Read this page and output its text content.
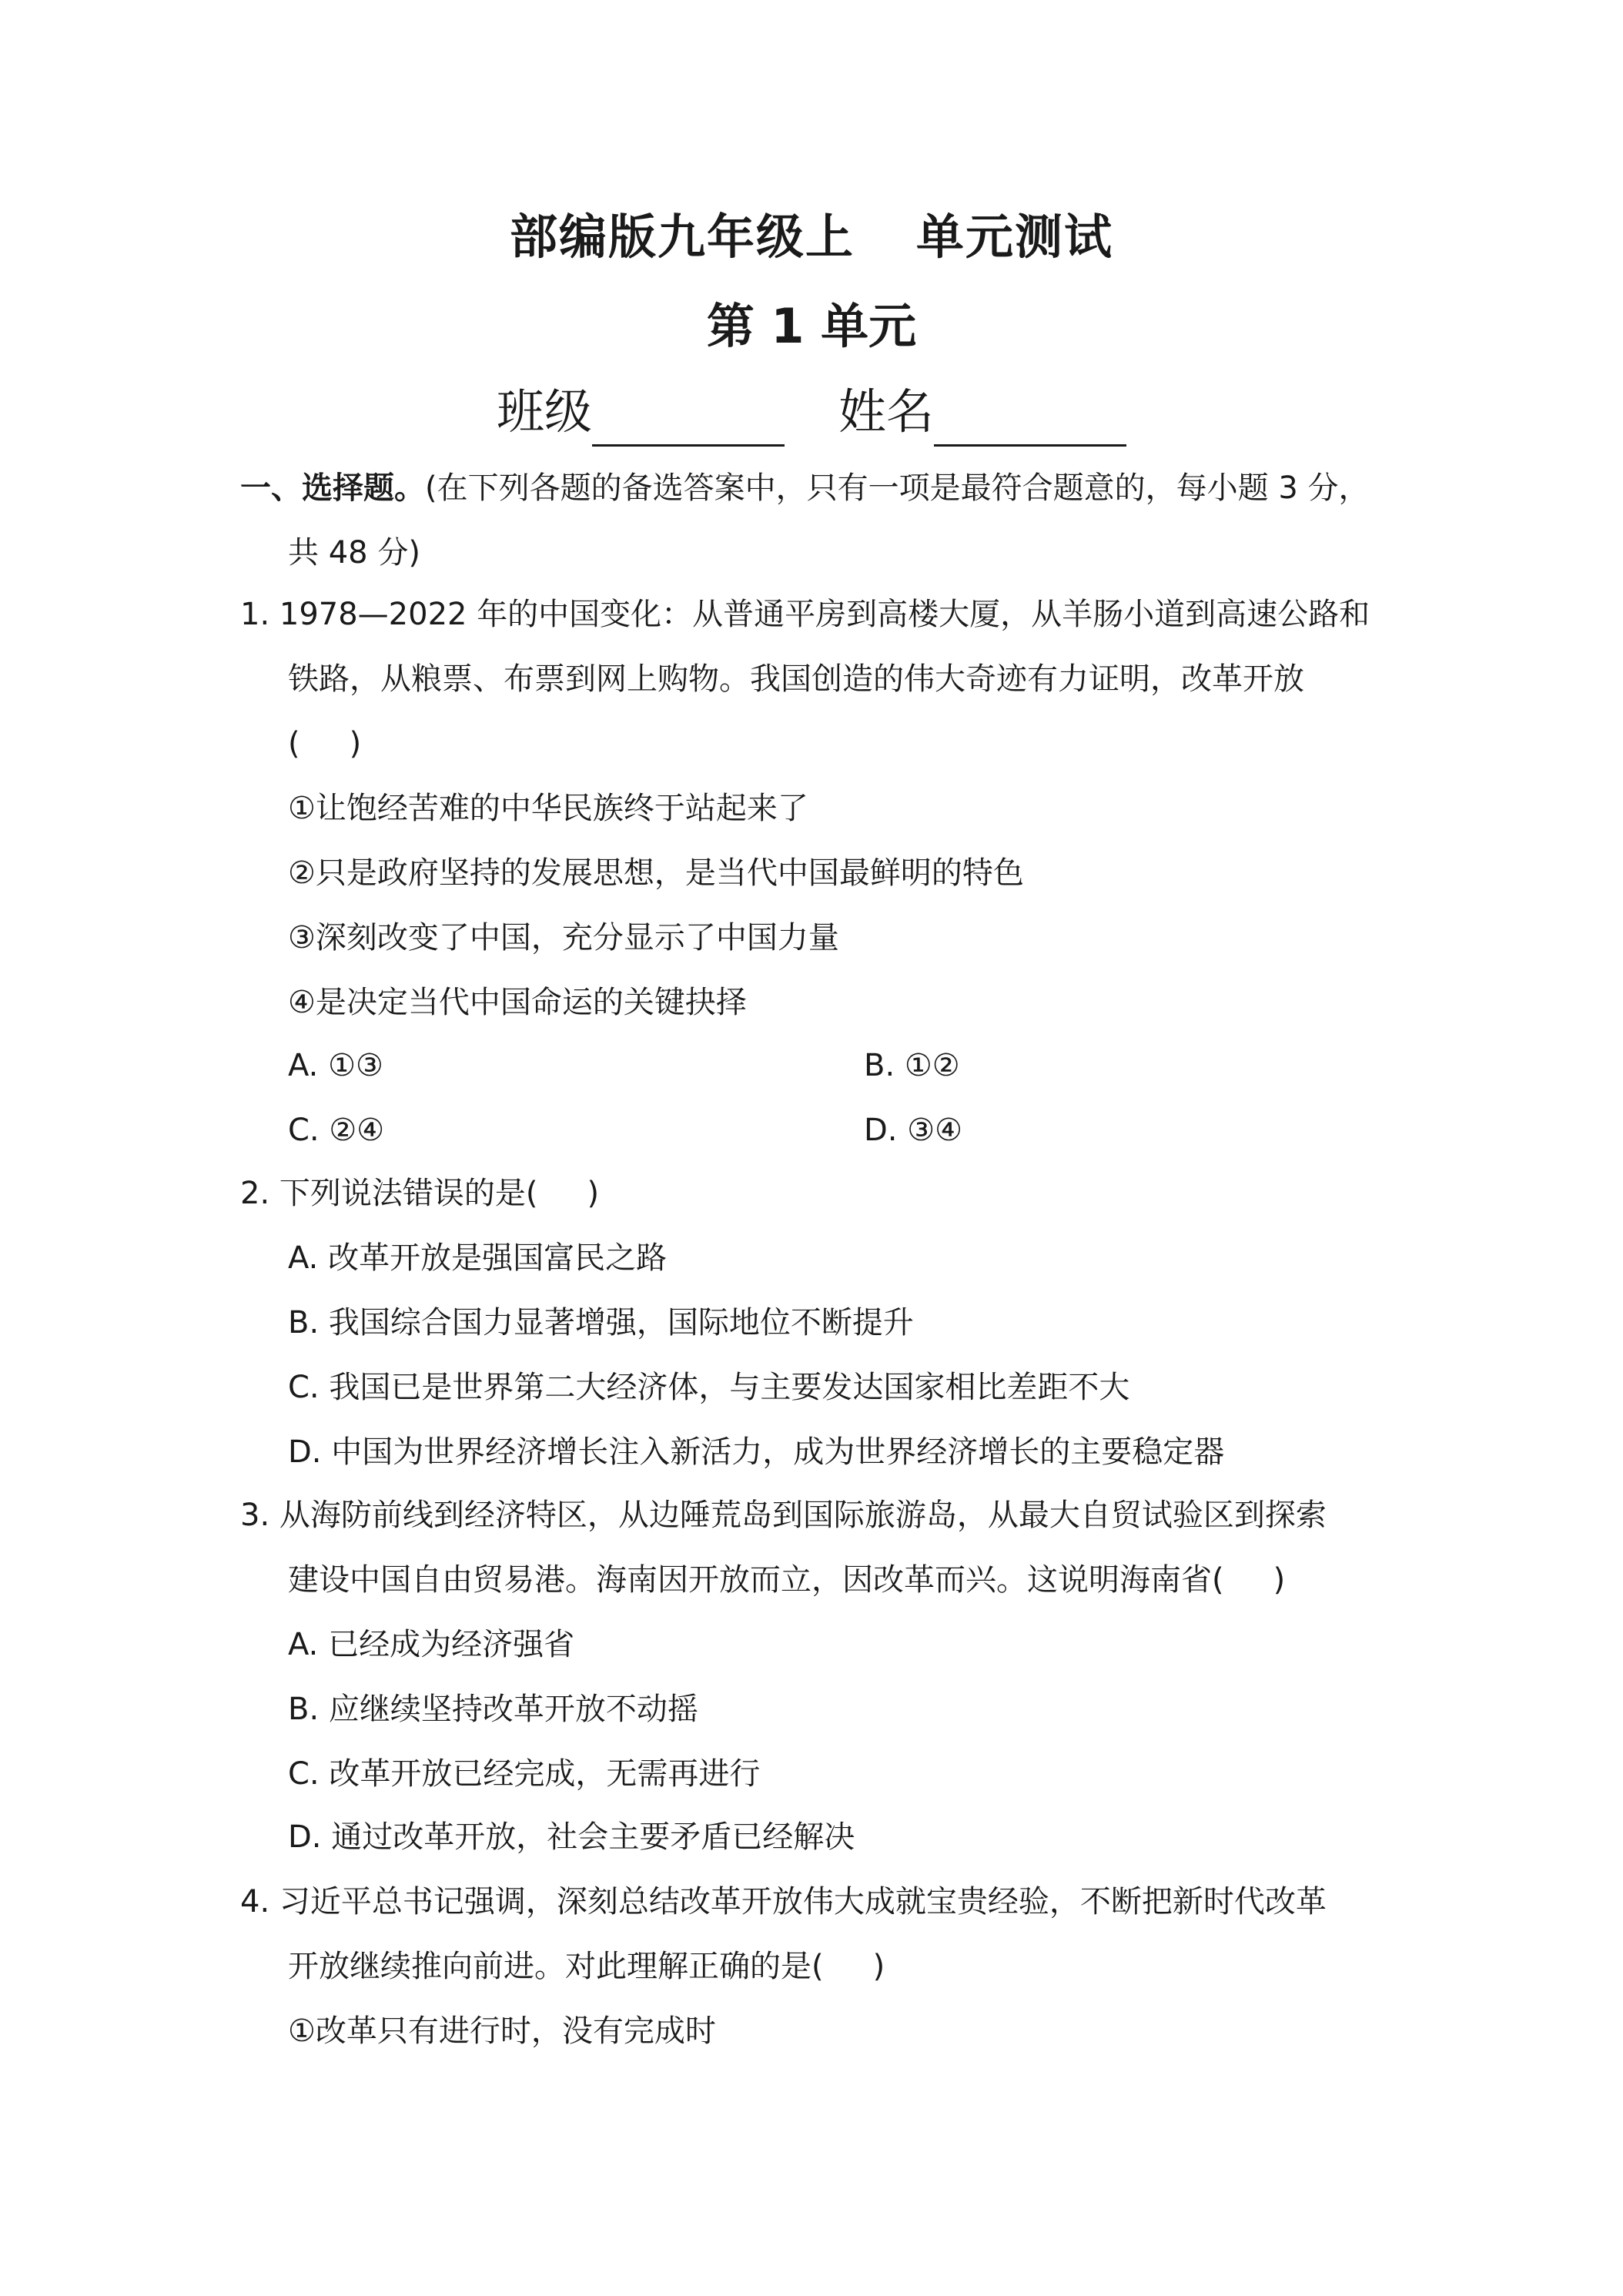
部编版九年级上 单元测试
第 1 单元
班级	姓名
一、选择题。(在下列各题的备选答案中，只有一项是最符合题意的，每小题 3 分，
共 48 分)
1. 1978—2022 年的中国变化：从普通平房到高楼大厦，从羊肠小道到高速公路和
铁路，从粮票、布票到网上购物。我国创造的伟大奇迹有力证明，改革开放
( )
①让饱经苦难的中华民族终于站起来了
②只是政府坚持的发展思想，是当代中国最鲜明的特色
③深刻改变了中国，充分显示了中国力量
④是决定当代中国命运的关键抉择
A. ①③	B. ①②
C. ②④	D. ③④
2. 下列说法错误的是( )
A. 改革开放是强国富民之路
B. 我国综合国力显著增强，国际地位不断提升
C. 我国已是世界第二大经济体，与主要发达国家相比差距不大
D. 中国为世界经济增长注入新活力，成为世界经济增长的主要稳定器
3. 从海防前线到经济特区，从边陲荒岛到国际旅游岛，从最大自贸试验区到探索
建设中国自由贸易港。海南因开放而立，因改革而兴。这说明海南省( )
A. 已经成为经济强省
B. 应继续坚持改革开放不动摇
C. 改革开放已经完成，无需再进行
D. 通过改革开放，社会主要矛盾已经解决
4. 习近平总书记强调，深刻总结改革开放伟大成就宝贵经验，不断把新时代改革
开放继续推向前进。对此理解正确的是( )
①改革只有进行时，没有完成时
